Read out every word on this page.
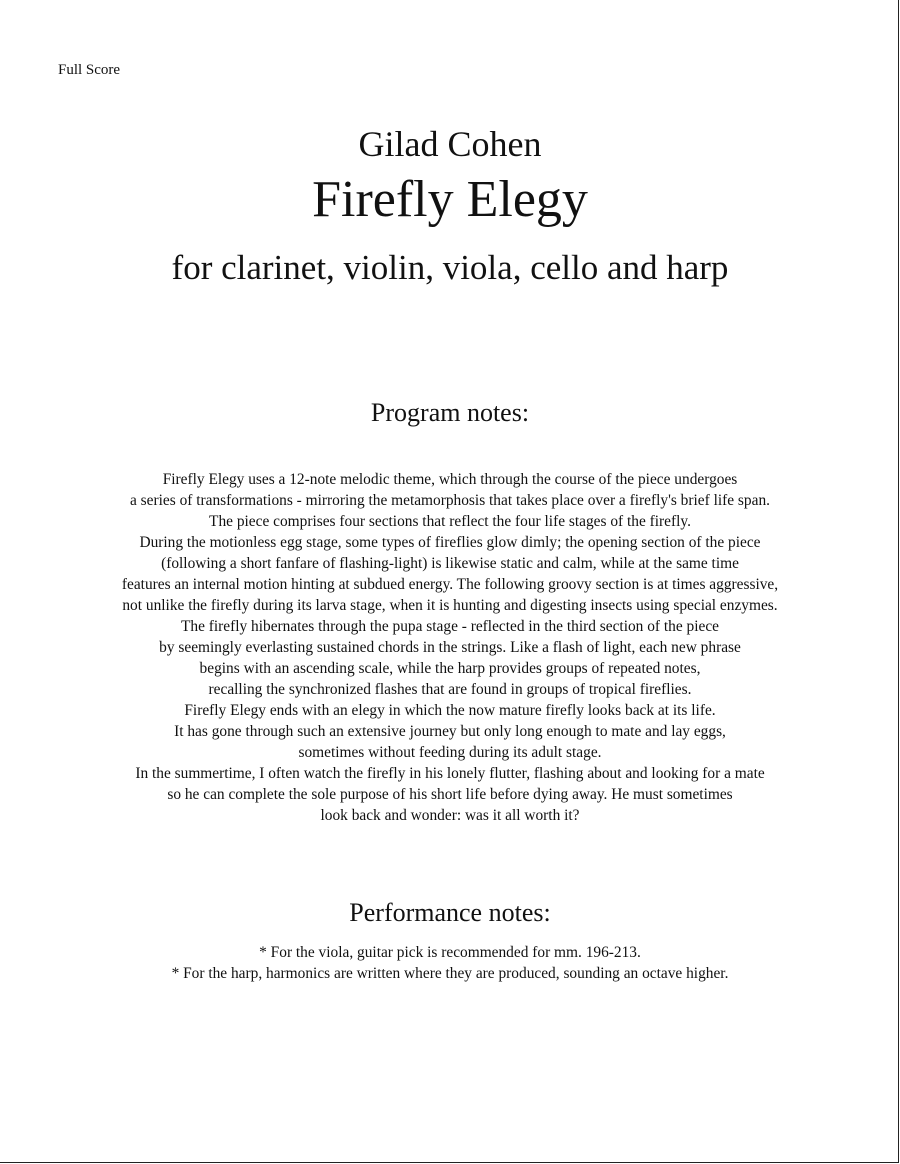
Full Score
Gilad Cohen
Firefly Elegy
for clarinet, violin, viola, cello and harp
Program notes:
Firefly Elegy uses a 12-note melodic theme, which through the course of the piece undergoes
a series of transformations - mirroring the metamorphosis that takes place over a firefly's brief life span.
The piece comprises four sections that reflect the four life stages of the firefly.
During the motionless egg stage, some types of fireflies glow dimly; the opening section of the piece
(following a short fanfare of flashing-light) is likewise static and calm, while at the same time
features an internal motion hinting at subdued energy. The following groovy section is at times aggressive,
not unlike the firefly during its larva stage, when it is hunting and digesting insects using special enzymes.
The firefly hibernates through the pupa stage - reflected in the third section of the piece
by seemingly everlasting sustained chords in the strings. Like a flash of light, each new phrase
begins with an ascending scale, while the harp provides groups of repeated notes,
recalling the synchronized flashes that are found in groups of tropical fireflies.
Firefly Elegy ends with an elegy in which the now mature firefly looks back at its life.
It has gone through such an extensive journey but only long enough to mate and lay eggs,
sometimes without feeding during its adult stage.
In the summertime, I often watch the firefly in his lonely flutter, flashing about and looking for a mate
so he can complete the sole purpose of his short life before dying away. He must sometimes
look back and wonder: was it all worth it?
Performance notes:
* For the viola, guitar pick is recommended for mm. 196-213.
* For the harp, harmonics are written where they are produced, sounding an octave higher.
